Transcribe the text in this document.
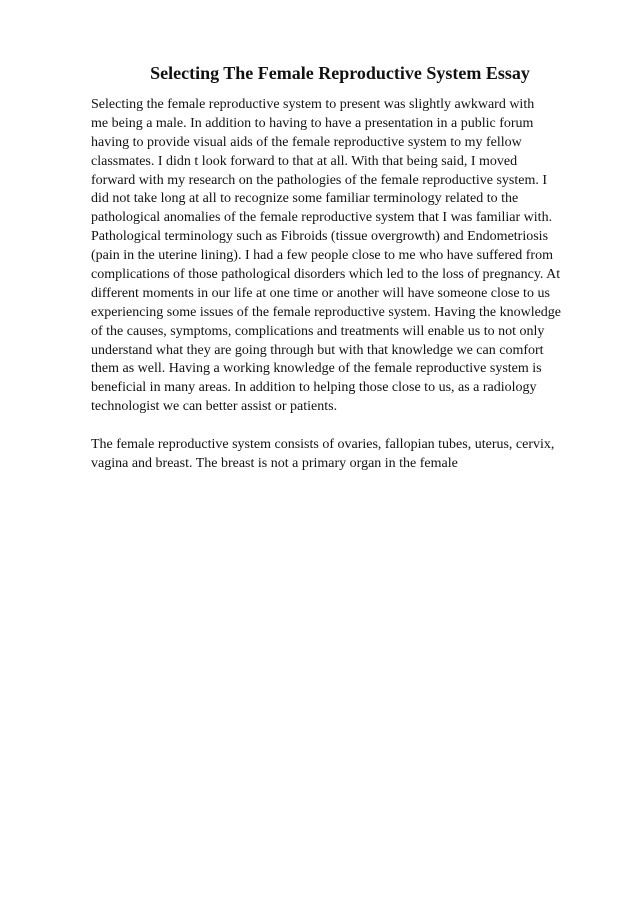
Selecting The Female Reproductive System Essay
Selecting the female reproductive system to present was slightly awkward with
me being a male. In addition to having to have a presentation in a public forum
having to provide visual aids of the female reproductive system to my fellow
classmates. I didn t look forward to that at all. With that being said, I moved
forward with my research on the pathologies of the female reproductive system. I
did not take long at all to recognize some familiar terminology related to the
pathological anomalies of the female reproductive system that I was familiar with.
Pathological terminology such as Fibroids (tissue overgrowth) and Endometriosis
(pain in the uterine lining). I had a few people close to me who have suffered from
complications of those pathological disorders which led to the loss of pregnancy. At
different moments in our life at one time or another will have someone close to us
experiencing some issues of the female reproductive system. Having the knowledge
of the causes, symptoms, complications and treatments will enable us to not only
understand what they are going through but with that knowledge we can comfort
them as well. Having a working knowledge of the female reproductive system is
beneficial in many areas. In addition to helping those close to us, as a radiology
technologist we can better assist or patients.
The female reproductive system consists of ovaries, fallopian tubes, uterus, cervix,
vagina and breast. The breast is not a primary organ in the female
